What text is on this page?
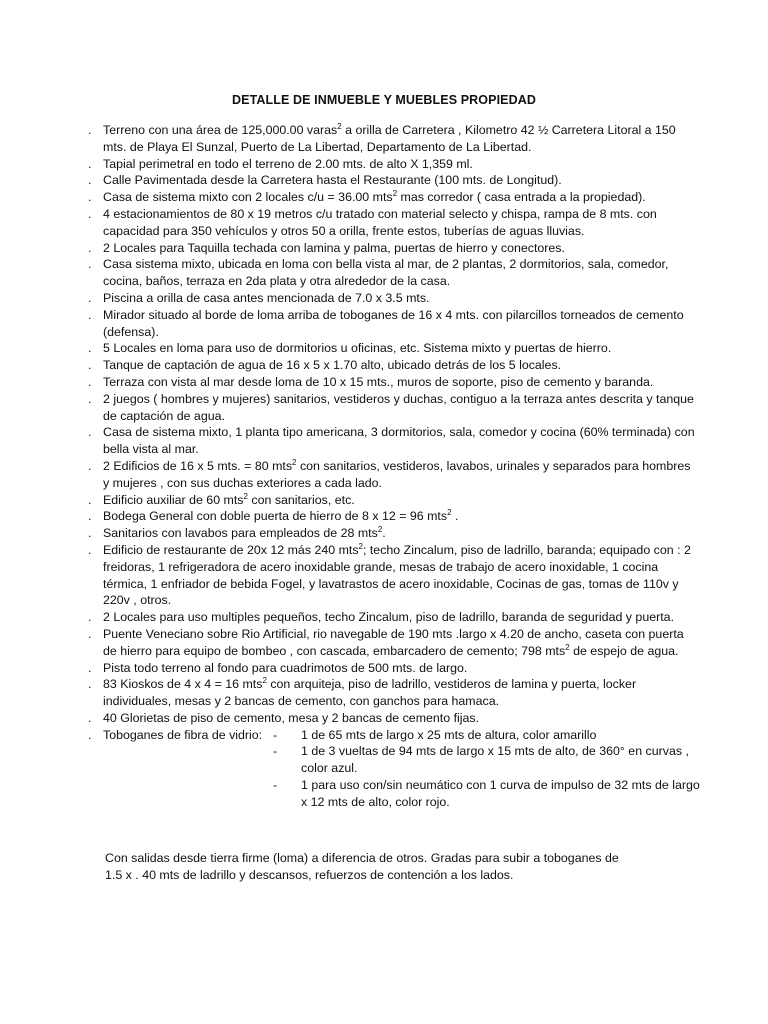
DETALLE DE INMUEBLE Y MUEBLES PROPIEDAD
. Terreno con una área de 125,000.00 varas$^2$ a orilla de Carretera , Kilometro 42 ½ Carretera Litoral a 150 mts. de Playa El Sunzal, Puerto de La Libertad, Departamento de La Libertad.
. Tapial perimetral en todo el terreno de 2.00 mts. de alto X 1,359 ml.
. Calle Pavimentada desde la Carretera hasta el Restaurante (100 mts. de Longitud).
. Casa de sistema mixto con 2 locales c/u = 36.00 mts$^2$ mas corredor ( casa entrada a la propiedad).
. 4 estacionamientos de 80 x 19 metros c/u tratado con material selecto y chispa, rampa de 8 mts. con capacidad para 350 vehículos y otros 50 a orilla, frente estos, tuberías de aguas lluvias.
. 2 Locales para Taquilla techada con lamina y palma, puertas de hierro y conectores.
. Casa sistema mixto, ubicada en loma con bella vista al mar, de 2 plantas, 2 dormitorios, sala, comedor, cocina, baños, terraza en 2da plata y otra alrededor de la casa.
. Piscina a orilla de casa antes mencionada de 7.0 x 3.5 mts.
. Mirador situado al borde de loma arriba de toboganes de 16 x 4 mts. con pilarcillos torneados de cemento (defensa).
. 5 Locales en loma para uso de dormitorios u oficinas, etc. Sistema mixto y puertas de hierro.
. Tanque de captación de agua de 16 x 5 x 1.70 alto, ubicado detrás de los 5 locales.
. Terraza con vista al mar desde loma de 10 x 15 mts., muros de soporte, piso de cemento y baranda.
. 2 juegos ( hombres y mujeres) sanitarios, vestideros y duchas, contiguo a la terraza antes descrita y tanque de captación de agua.
. Casa de sistema mixto, 1 planta tipo americana, 3 dormitorios, sala, comedor y cocina (60% terminada) con bella vista al mar.
. 2 Edificios de 16 x 5 mts. = 80 mts$^2$ con sanitarios, vestideros, lavabos, urinales y separados para hombres y mujeres , con sus duchas exteriores a cada lado.
. Edificio auxiliar de 60 mts$^2$ con sanitarios, etc.
. Bodega General con doble puerta de hierro de 8 x 12 = 96 mts$^2$ .
. Sanitarios con lavabos para empleados de 28 mts$^2$.
. Edificio de restaurante de 20x 12 más 240 mts$^2$; techo Zincalum, piso de ladrillo, baranda; equipado con : 2 freidoras, 1 refrigeradora de acero inoxidable grande, mesas de trabajo de acero inoxidable, 1 cocina térmica, 1 enfriador de bebida Fogel, y lavatrastos de acero inoxidable, Cocinas de gas, tomas de 110v y 220v , otros.
. 2 Locales para uso multiples pequeños, techo Zincalum, piso de ladrillo, baranda de seguridad y puerta.
. Puente Veneciano sobre Rio Artificial, rio navegable de 190 mts .largo x 4.20 de ancho, caseta con puerta de hierro para equipo de bombeo , con cascada, embarcadero de cemento; 798 mts$^2$ de espejo de agua.
. Pista todo terreno al fondo para cuadrimotos de 500 mts. de largo.
. 83 Kioskos de 4 x 4 = 16 mts$^2$ con arquiteja, piso de ladrillo, vestideros de lamina y puerta, locker individuales, mesas y 2 bancas de cemento, con ganchos para hamaca.
. 40 Glorietas de piso de cemento, mesa y 2 bancas de cemento fijas.
. Toboganes de fibra de vidrio: -	1 de 65 mts de largo x 25 mts de altura, color amarillo
-	1 de 3 vueltas de 94 mts de largo x 15 mts de alto, de 360° en curvas , color azul.
-	1 para uso con/sin neumático con 1 curva de impulso de 32 mts de largo x 12 mts de alto, color rojo.
Con salidas desde tierra firme (loma) a diferencia de otros. Gradas para subir a toboganes de
1.5 x . 40 mts de ladrillo y descansos, refuerzos de contención a los lados.
